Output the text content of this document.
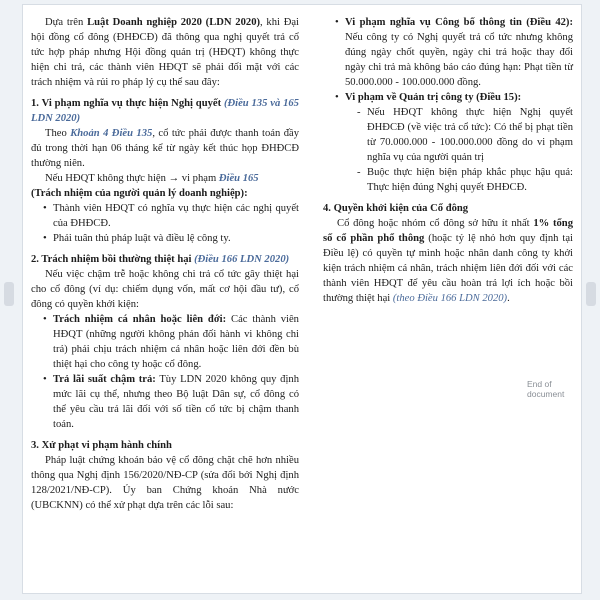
Dựa trên Luật Doanh nghiệp 2020 (LDN 2020), khi Đại hội đồng cổ đông (ĐHĐCĐ) đã thông qua nghị quyết trả cổ tức hợp pháp nhưng Hội đồng quản trị (HĐQT) không thực hiện chi trả, các thành viên HĐQT sẽ phải đối mặt với các trách nhiệm và rủi ro pháp lý cụ thể sau đây:

1. Vi phạm nghĩa vụ thực hiện Nghị quyết (Điều 135 và 165 LDN 2020)

Theo Khoản 4 Điều 135, cổ tức phải được thanh toán đầy đủ trong thời hạn 06 tháng kể từ ngày kết thúc họp ĐHĐCĐ thường niên.

Nếu HĐQT không thực hiện → vi phạm Điều 165
(Trách nhiệm của người quản lý doanh nghiệp):

• Thành viên HĐQT có nghĩa vụ thực hiện các nghị quyết của ĐHĐCĐ.
• Phải tuân thủ pháp luật và điều lệ công ty.

2. Trách nhiệm bồi thường thiệt hại (Điều 166 LDN 2020)

Nếu việc chậm trễ hoặc không chi trả cổ tức gây thiệt hại cho cổ đông (ví dụ: chiếm dụng vốn, mất cơ hội đầu tư), cổ đông có quyền khởi kiện:

• Trách nhiệm cá nhân hoặc liên đới: Các thành viên HĐQT (những người không phản đối hành vi không chi trả) phải chịu trách nhiệm cá nhân hoặc liên đới đền bù thiệt hại cho công ty hoặc cổ đông.
• Trả lãi suất chậm trả: Tùy LDN 2020 không quy định mức lãi cụ thể, nhưng theo Bộ luật Dân sự, cổ đông có thể yêu cầu trả lãi đối với số tiền cổ tức bị chậm thanh toán.

3. Xử phạt vi phạm hành chính

Pháp luật chứng khoán bảo vệ cổ đông chặt chẽ hơn nhiều thông qua Nghị định 156/2020/NĐ-CP (sửa đổi bởi Nghị định 128/2021/NĐ-CP). Ủy ban Chứng khoán Nhà nước (UBCKNN) có thể xử phạt dựa trên các lỗi sau:

• Vi phạm nghĩa vụ Công bố thông tin (Điều 42): Nếu công ty có Nghị quyết trả cổ tức nhưng không đúng ngày chốt quyền, ngày chi trả hoặc thay đổi ngày chi trả mà không báo cáo đúng hạn: Phạt tiền từ 50.000.000 - 100.000.000 đồng.
• Vi phạm về Quản trị công ty (Điều 15):
- Nếu HĐQT không thực hiện Nghị quyết ĐHĐCĐ (về việc trả cổ tức): Có thể bị phạt tiền từ 70.000.000 - 100.000.000 đồng do vi phạm nghĩa vụ của người quản trị
- Buộc thực hiện biện pháp khắc phục hậu quả: Thực hiện đúng Nghị quyết ĐHĐCĐ.

4. Quyền khởi kiện của Cổ đông

Cổ đông hoặc nhóm cổ đông sở hữu ít nhất 1% tổng số cổ phần phổ thông (hoặc tỷ lệ nhỏ hơn quy định tại Điều lệ) có quyền tự mình hoặc nhân danh công ty khởi kiện trách nhiệm cá nhân, trách nhiệm liên đới đối với các thành viên HĐQT để yêu cầu hoàn trả lợi ích hoặc bồi thường thiệt hại (theo Điều 166 LDN 2020).

End of document
